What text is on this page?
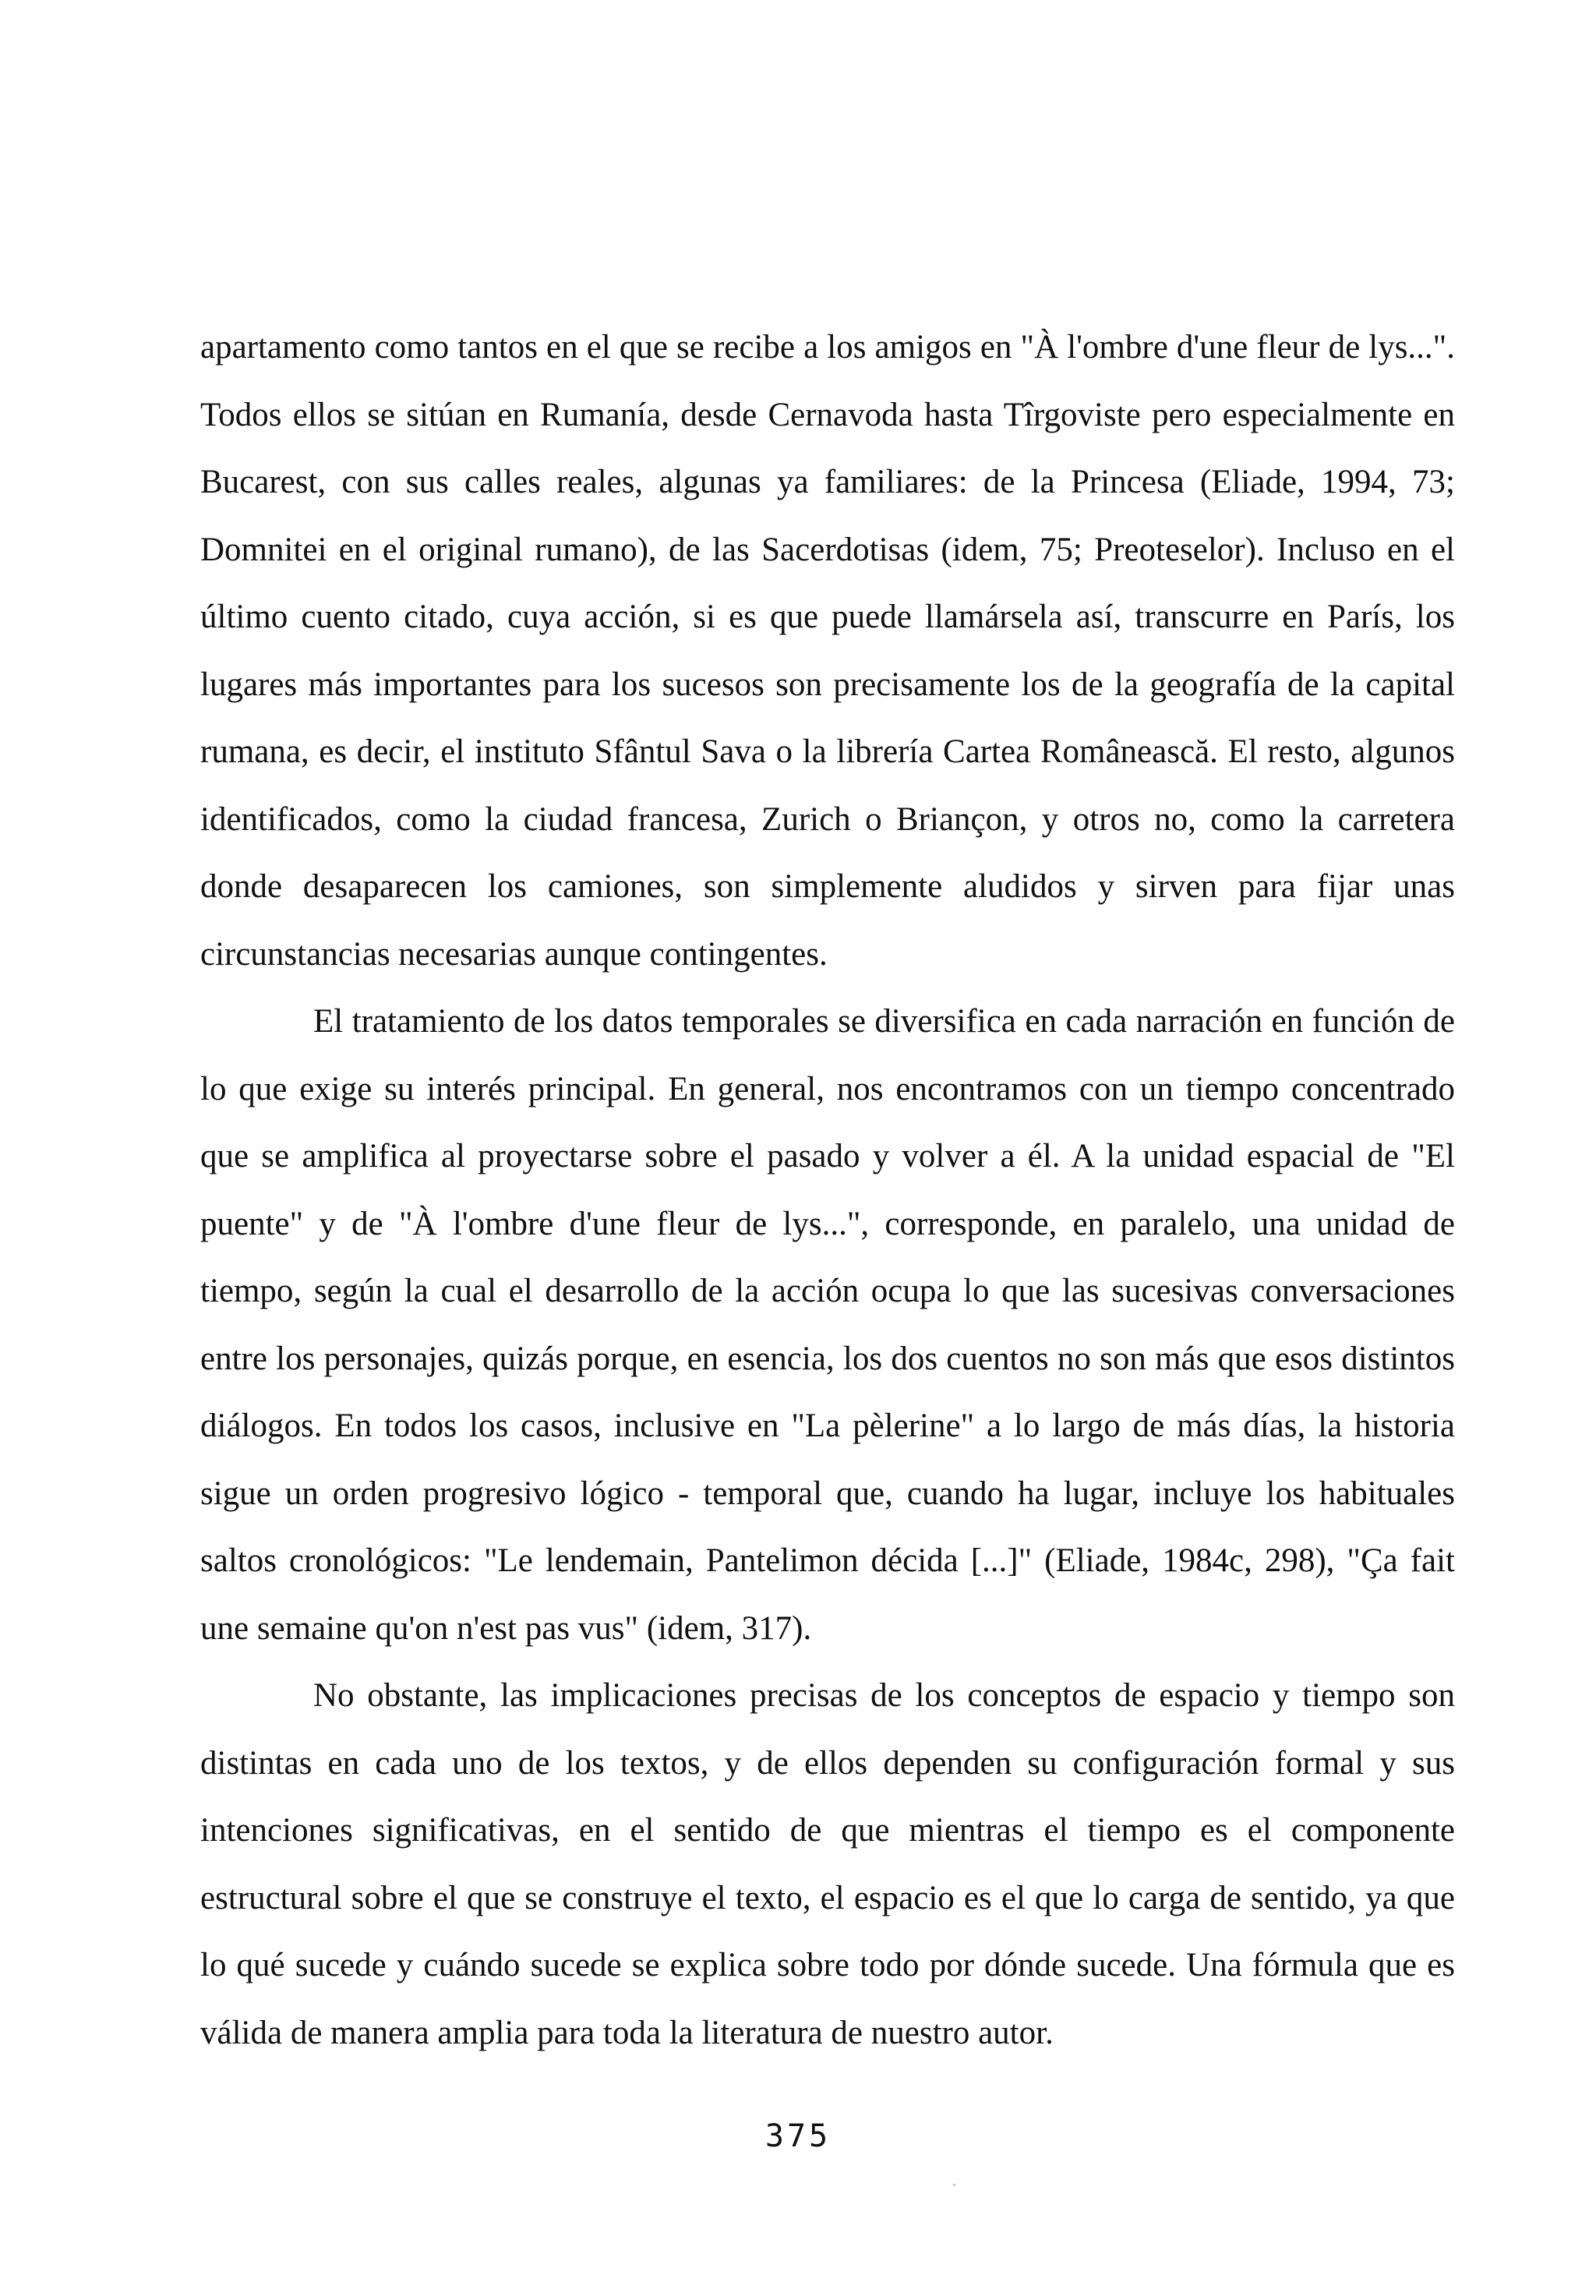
apartamento como tantos en el que se recibe a los amigos en "À l'ombre d'une fleur de lys...". Todos ellos se sitúan en Rumanía, desde Cernavoda hasta Tîrgoviste pero especialmente en Bucarest, con sus calles reales, algunas ya familiares: de la Princesa (Eliade, 1994, 73; Domnitei en el original rumano), de las Sacerdotisas (idem, 75; Preoteselor). Incluso en el último cuento citado, cuya acción, si es que puede llamársela así, transcurre en París, los lugares más importantes para los sucesos son precisamente los de la geografía de la capital rumana, es decir, el instituto Sfântul Sava o la librería Cartea Românească. El resto, algunos identificados, como la ciudad francesa, Zurich o Briançon, y otros no, como la carretera donde desaparecen los camiones, son simplemente aludidos y sirven para fijar unas circunstancias necesarias aunque contingentes.

El tratamiento de los datos temporales se diversifica en cada narración en función de lo que exige su interés principal. En general, nos encontramos con un tiempo concentrado que se amplifica al proyectarse sobre el pasado y volver a él. A la unidad espacial de "El puente" y de "À l'ombre d'une fleur de lys...", corresponde, en paralelo, una unidad de tiempo, según la cual el desarrollo de la acción ocupa lo que las sucesivas conversaciones entre los personajes, quizás porque, en esencia, los dos cuentos no son más que esos distintos diálogos. En todos los casos, inclusive en "La pèlerine" a lo largo de más días, la historia sigue un orden progresivo lógico - temporal que, cuando ha lugar, incluye los habituales saltos cronológicos: "Le lendemain, Pantelimon décida [...]" (Eliade, 1984c, 298), "Ça fait une semaine qu'on n'est pas vus" (idem, 317).

No obstante, las implicaciones precisas de los conceptos de espacio y tiempo son distintas en cada uno de los textos, y de ellos dependen su configuración formal y sus intenciones significativas, en el sentido de que mientras el tiempo es el componente estructural sobre el que se construye el texto, el espacio es el que lo carga de sentido, ya que lo qué sucede y cuándo sucede se explica sobre todo por dónde sucede. Una fórmula que es válida de manera amplia para toda la literatura de nuestro autor.

375
